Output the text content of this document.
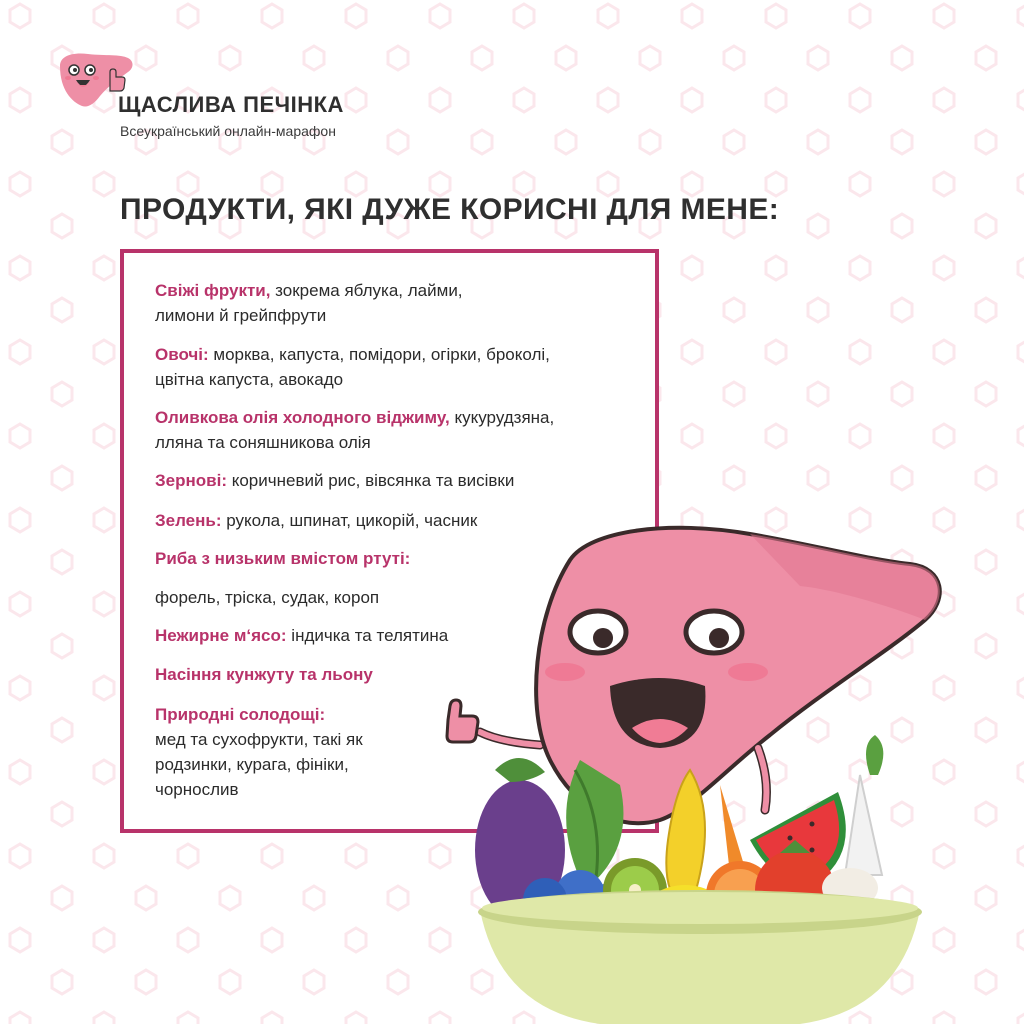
ЩАСЛИВА ПЕЧІНКА
Всеукраїнський онлайн-марафон
ПРОДУКТИ, ЯКІ ДУЖЕ КОРИСНІ ДЛЯ МЕНЕ:
Свіжі фрукти, зокрема яблука, лайми,
лимони й грейпфрути
Овочі: морква, капуста, помідори, огірки, броколі,
цвітна капуста, авокадо
Оливкова олія холодного віджиму, кукурудзяна,
лляна та соняшникова олія
Зернові: коричневий рис, вівсянка та висівки
Зелень: рукола, шпинат, цикорій, часник
Риба з низьким вмістом ртуті:
форель, тріска, судак, короп
Нежирне м‘ясо: індичка та телятина
Насіння кунжуту та льону
Природні солодощі:
мед та сухофрукти, такі як
родзинки, курага, фініки,
чорнослив
